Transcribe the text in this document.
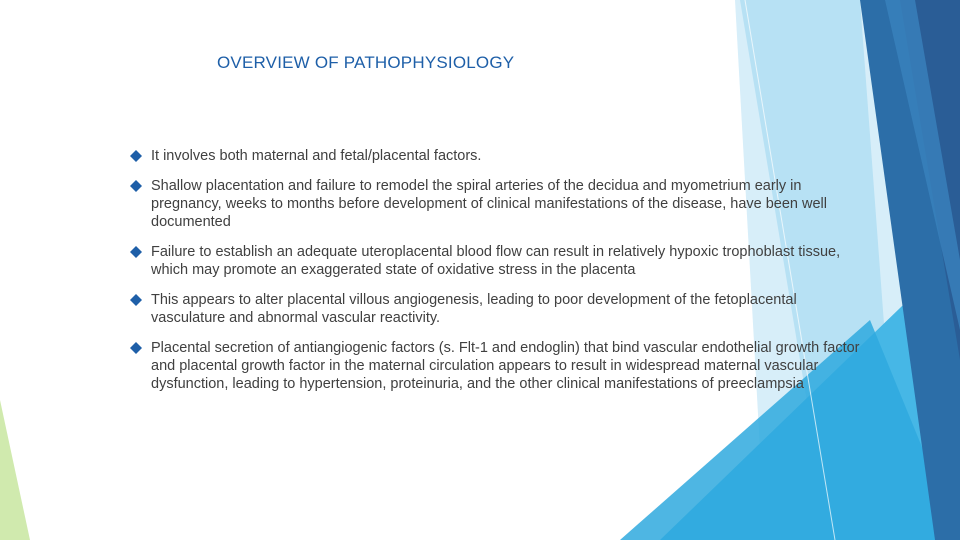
OVERVIEW OF PATHOPHYSIOLOGY
It involves both maternal and fetal/placental factors.
Shallow placentation and failure to remodel the spiral arteries of the decidua and myometrium early in pregnancy, weeks to months before development of clinical manifestations of the disease, have been well documented
Failure to establish an adequate uteroplacental blood flow can result in relatively hypoxic trophoblast tissue, which may promote an exaggerated state of oxidative stress in the placenta
This appears to alter placental villous angiogenesis, leading to poor development of the fetoplacental vasculature and abnormal vascular reactivity.
Placental secretion of antiangiogenic factors (s. Flt-1 and endoglin) that bind vascular endothelial growth factor and placental growth factor in the maternal circulation appears to result in widespread maternal vascular dysfunction, leading to hypertension, proteinuria, and the other clinical manifestations of preeclampsia
